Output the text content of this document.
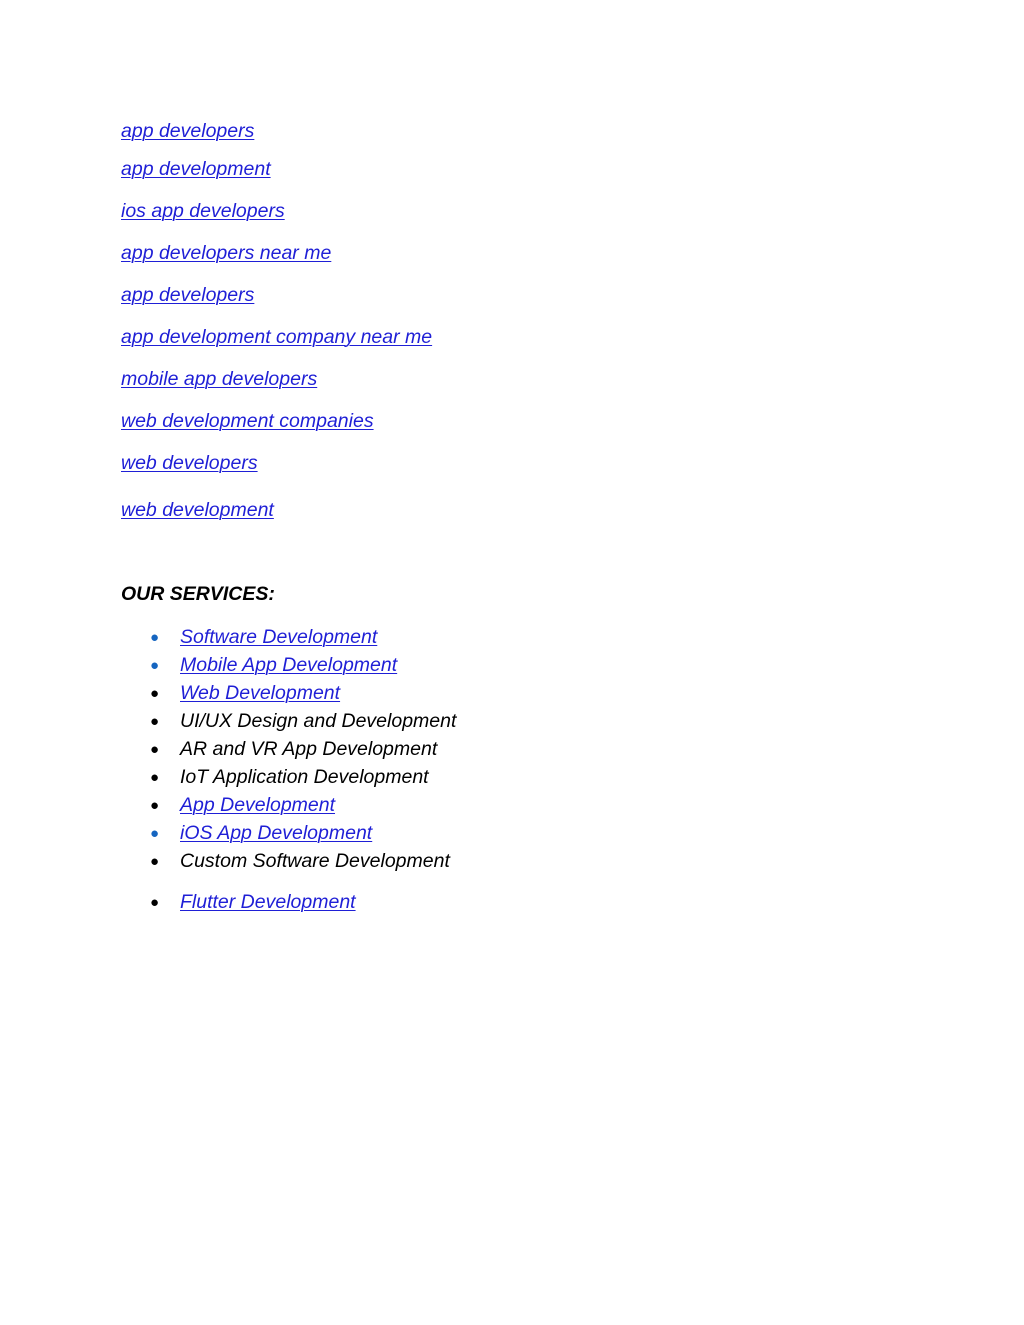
app developers
app development
ios app developers
app developers near me
app developers
app development company near me
mobile app developers
web development companies
web developers
web development
OUR SERVICES:
●	Software Development
●	Mobile App Development
●	Web Development
●	UI/UX Design and Development
●	AR and VR App Development
●	IoT Application Development
●	App Development
●	iOS App Development
●	Custom Software Development
●	Flutter Development
